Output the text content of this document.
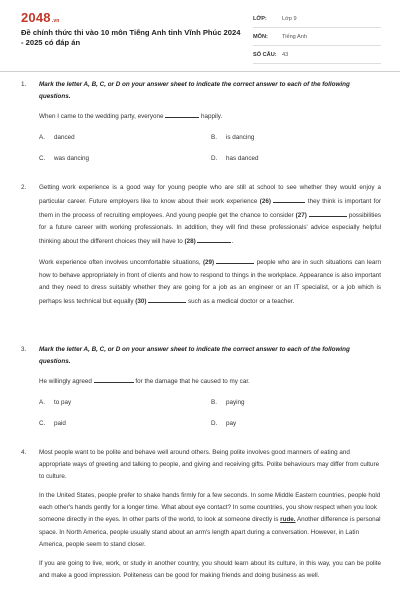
2048.vn
Đề chính thức thi vào 10 môn Tiếng Anh tỉnh Vĩnh Phúc 2024 - 2025 có đáp án
LỚP:	Lớp 9
MÔN:	Tiếng Anh
SỐ CÂU: 43
1.	Mark the letter A, B, C, or D on your answer sheet to indicate the correct answer to each of the following questions.
When I came to the wedding party, everyone	happily.
A. danced	B. is dancing
C. was dancing	D. has danced
2.	Getting work experience is a good way for young people who are still at school to see whether they would enjoy a particular career. Future employers like to know about their work experience (26)	they think is important for them in the process of recruiting employees. And young people get the chance to consider (27)	possibilities for a future career with working professionals. In addition, they will find these professionals' advice especially helpful thinking about the different choices they will have to (28)	.
Work experience often involves uncomfortable situations, (29)	people who are in such situations can learn how to behave appropriately in front of clients and how to respond to things in the workplace. Appearance is also important and they need to dress suitably whether they are going for a job as an engineer or an IT specialist, or a job which is perhaps less technical but equally (30)	such as a medical doctor or a teacher.
3.	Mark the letter A, B, C, or D on your answer sheet to indicate the correct answer to each of the following questions.
He willingly agreed	for the damage that he caused to my car.
A. to pay	B. paying
C. paid	D. pay
4.	Most people want to be polite and behave well around others. Being polite involves good manners of eating and appropriate ways of greeting and talking to people, and giving and receiving gifts. Polite behaviours may differ from culture to culture.
In the United States, people prefer to shake hands firmly for a few seconds. In some Middle Eastern countries, people hold each other's hands gently for a longer time. What about eye contact? In some countries, you show respect when you look someone directly in the eyes. In other parts of the world, to look at someone directly is rude. Another difference is personal space. In North America, people usually stand about an arm's length apart during a conversation. However, in Latin America, people seem to stand closer.
If you are going to live, work, or study in another country, you should learn about its culture, in this way, you can be polite and make a good impression. Politeness can be good for making friends and doing business as well.
